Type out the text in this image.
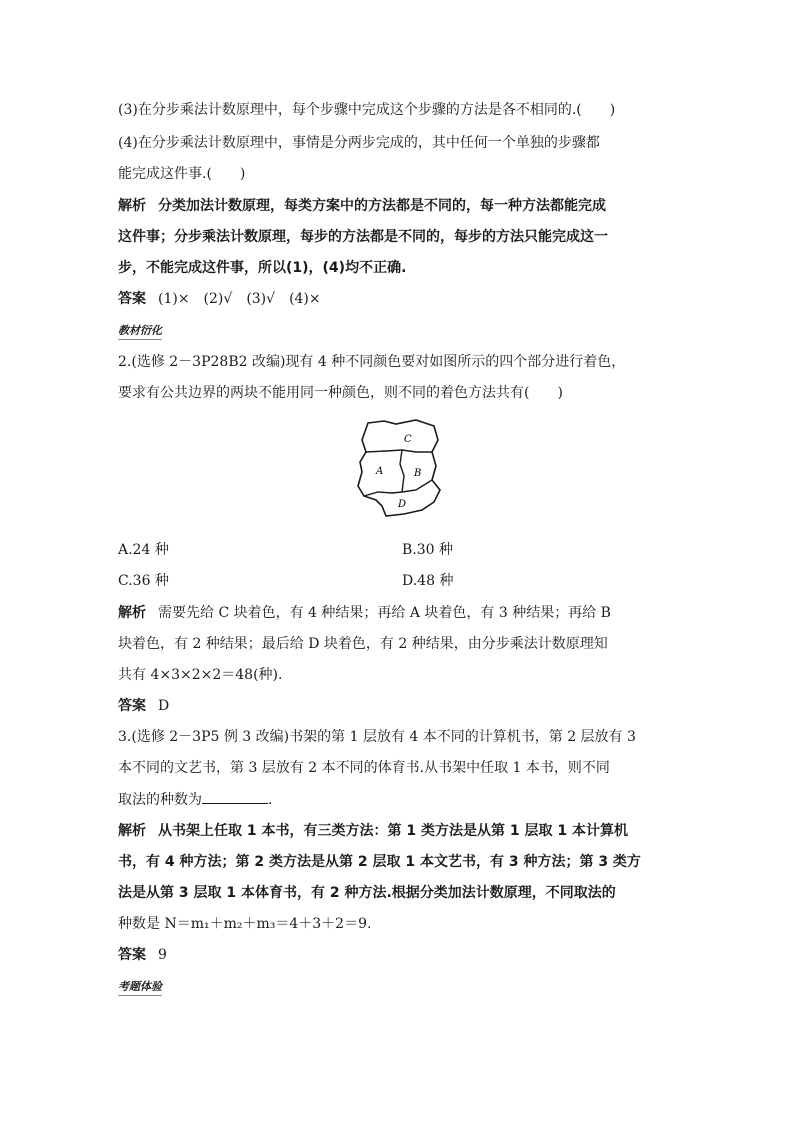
(3)在分步乘法计数原理中，每个步骤中完成这个步骤的方法是各不相同的.(　　)
(4)在分步乘法计数原理中，事情是分两步完成的，其中任何一个单独的步骤都
能完成这件事.(　　)
解析 分类加法计数原理，每类方案中的方法都是不同的，每一种方法都能完成
这件事；分步乘法计数原理，每步的方法都是不同的，每步的方法只能完成这一
步，不能完成这件事，所以(1)，(4)均不正确.
答案 (1)×　(2)√　(3)√　(4)×
教材衍化
2.(选修 2－3P28B2 改编)现有 4 种不同颜色要对如图所示的四个部分进行着色，
要求有公共边界的两块不能用同一种颜色，则不同的着色方法共有(　　)
C
A	B
D
A.24 种	B.30 种
C.36 种	D.48 种
解析 需要先给 C 块着色，有 4 种结果；再给 A 块着色，有 3 种结果；再给 B
块着色，有 2 种结果；最后给 D 块着色，有 2 种结果，由分步乘法计数原理知
共有 4×3×2×2＝48(种).
答案 D
3.(选修 2－3P5 例 3 改编)书架的第 1 层放有 4 本不同的计算机书，第 2 层放有 3
本不同的文艺书，第 3 层放有 2 本不同的体育书.从书架中任取 1 本书，则不同
取法的种数为	.
解析 从书架上任取 1 本书，有三类方法：第 1 类方法是从第 1 层取 1 本计算机
书，有 4 种方法；第 2 类方法是从第 2 层取 1 本文艺书，有 3 种方法；第 3 类方
法是从第 3 层取 1 本体育书，有 2 种方法.根据分类加法计数原理，不同取法的
种数是 N＝m₁＋m₂＋m₃＝4＋3＋2＝9.
答案 9
考题体验
